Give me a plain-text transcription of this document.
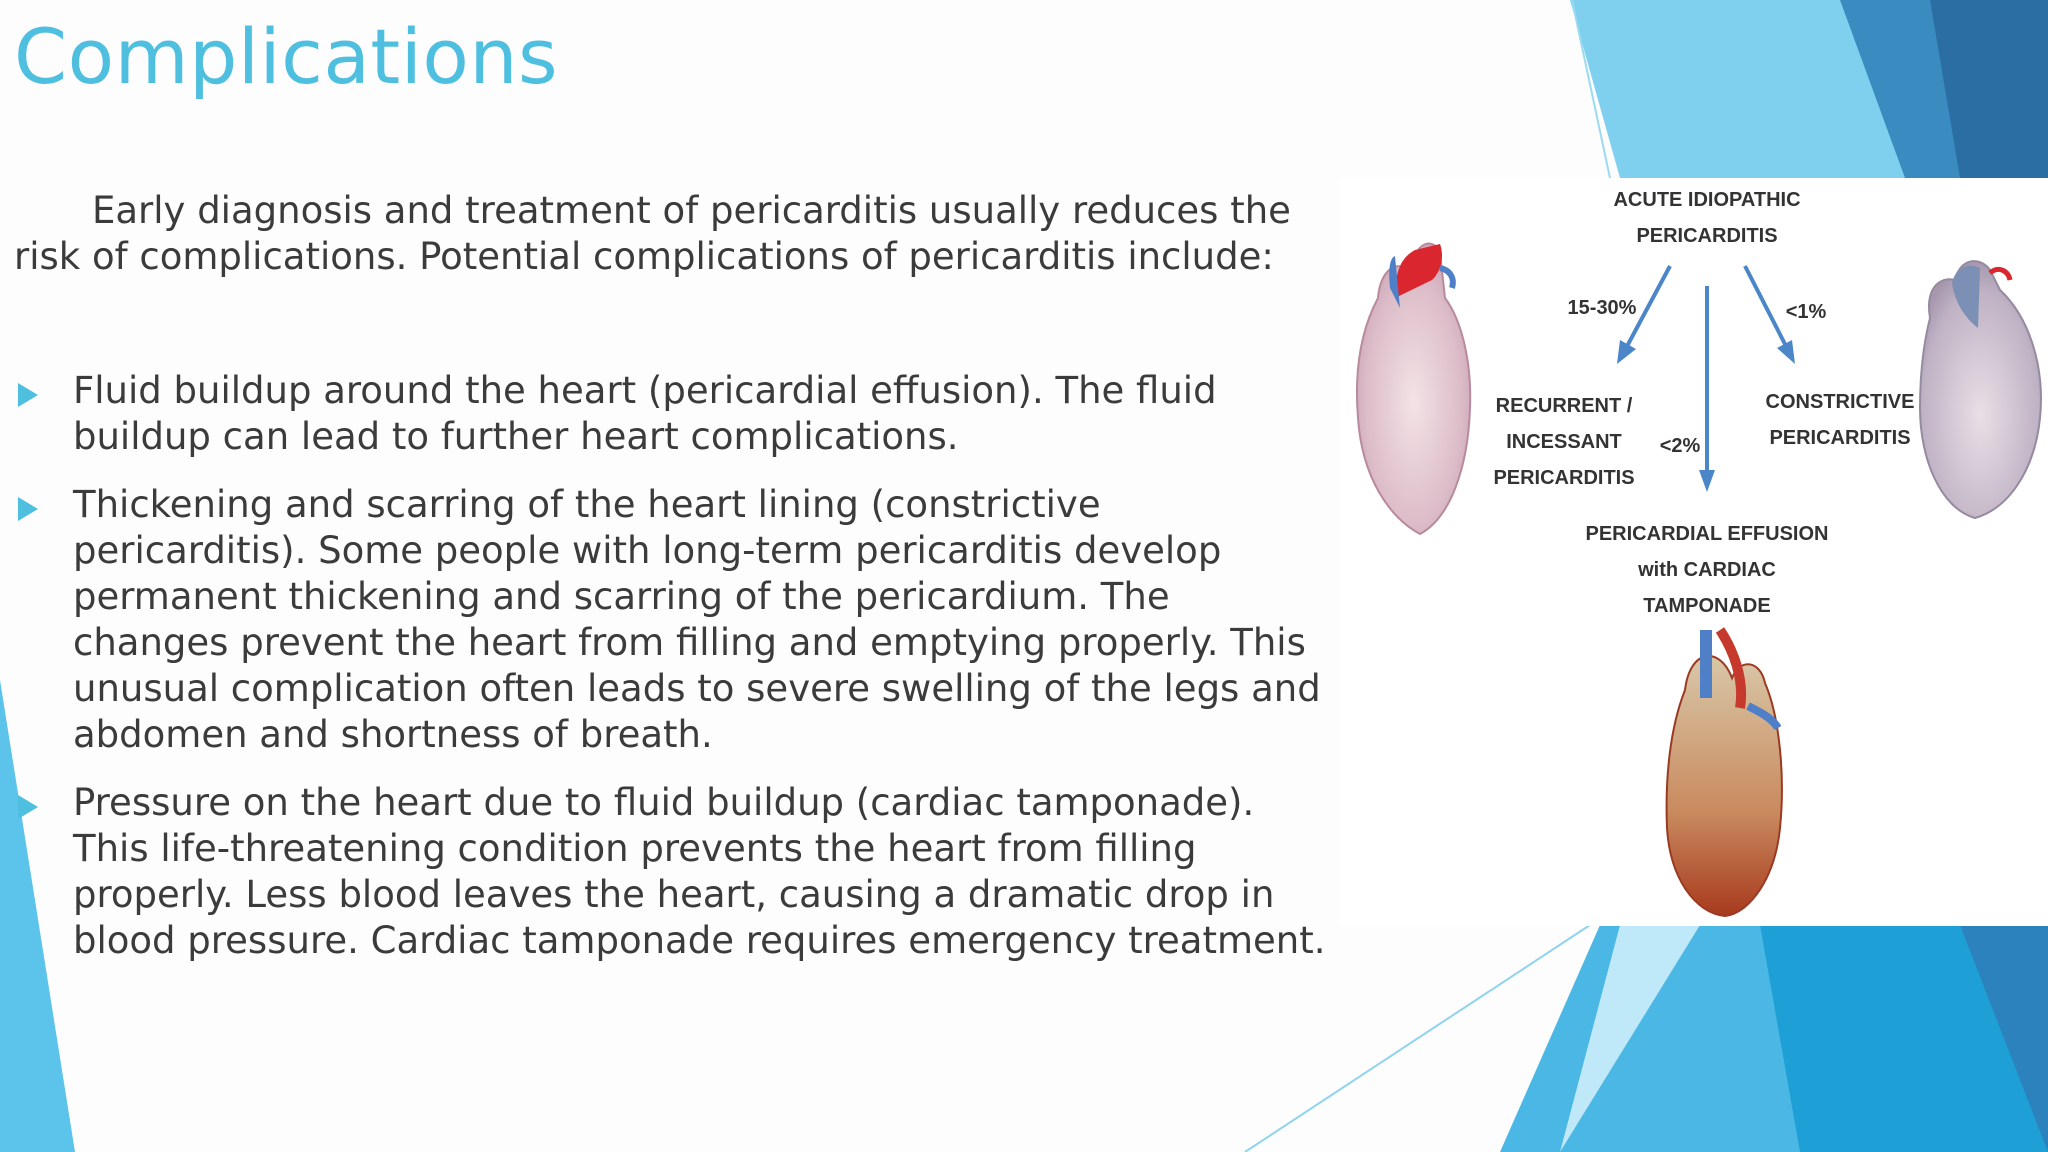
Complications

Early diagnosis and treatment of pericarditis usually reduces the risk of complications. Potential complications of pericarditis include:

Fluid buildup around the heart (pericardial effusion). The fluid buildup can lead to further heart complications.
Thickening and scarring of the heart lining (constrictive pericarditis). Some people with long-term pericarditis develop permanent thickening and scarring of the pericardium. The changes prevent the heart from filling and emptying properly. This unusual complication often leads to severe swelling of the legs and abdomen and shortness of breath.
Pressure on the heart due to fluid buildup (cardiac tamponade). This life-threatening condition prevents the heart from filling properly. Less blood leaves the heart, causing a dramatic drop in blood pressure. Cardiac tamponade requires emergency treatment.
ACUTE IDIOPATHIC
PERICARDITIS
15-30%	<1%
<2%
RECURRENT /
INCESSANT
PERICARDITIS
CONSTRICTIVE
PERICARDITIS
PERICARDIAL EFFUSION
with CARDIAC
TAMPONADE
